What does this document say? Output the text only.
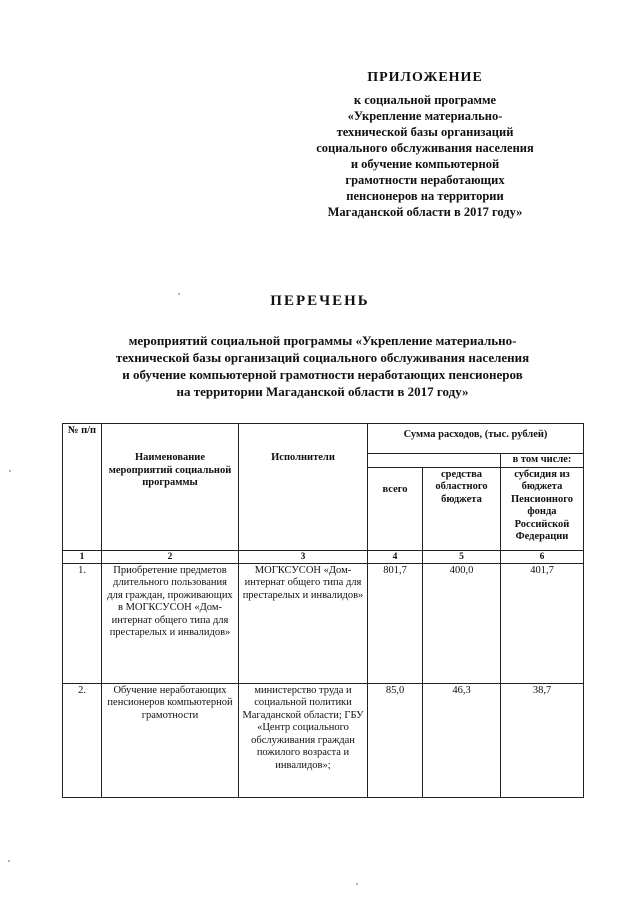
ПРИЛОЖЕНИЕ
к социальной программе
«Укрепление материально-
технической базы организаций
социального обслуживания населения
и обучение компьютерной
грамотности неработающих
пенсионеров на территории
Магаданской области в 2017 году»
ПЕРЕЧЕНЬ
мероприятий социальной программы «Укрепление материально-
технической базы организаций социального обслуживания населения
и обучение компьютерной грамотности неработающих пенсионеров
на территории Магаданской области в 2017 году»
№ п/п	Наименование мероприятий социальной программы	Исполнители	Сумма расходов, (тыс. рублей)		
					в том числе:
			всего	средства областного бюджета	субсидия из бюджета Пенсионного фонда Российской Федерации
1	2	3	4	5	6
1.	Приобретение предметов длительного пользования для граждан, проживающих в МОГКСУСОН «Дом-интернат общего типа для престарелых и инвалидов»	МОГКСУСОН «Дом-интернат общего типа для престарелых и инвалидов»	801,7	400,0	401,7
2.	Обучение неработающих пенсионеров компьютерной грамотности	министерство труда и социальной политики Магаданской области; ГБУ «Центр социального обслуживания граждан пожилого возраста и инвалидов»;	85,0	46,3	38,7
